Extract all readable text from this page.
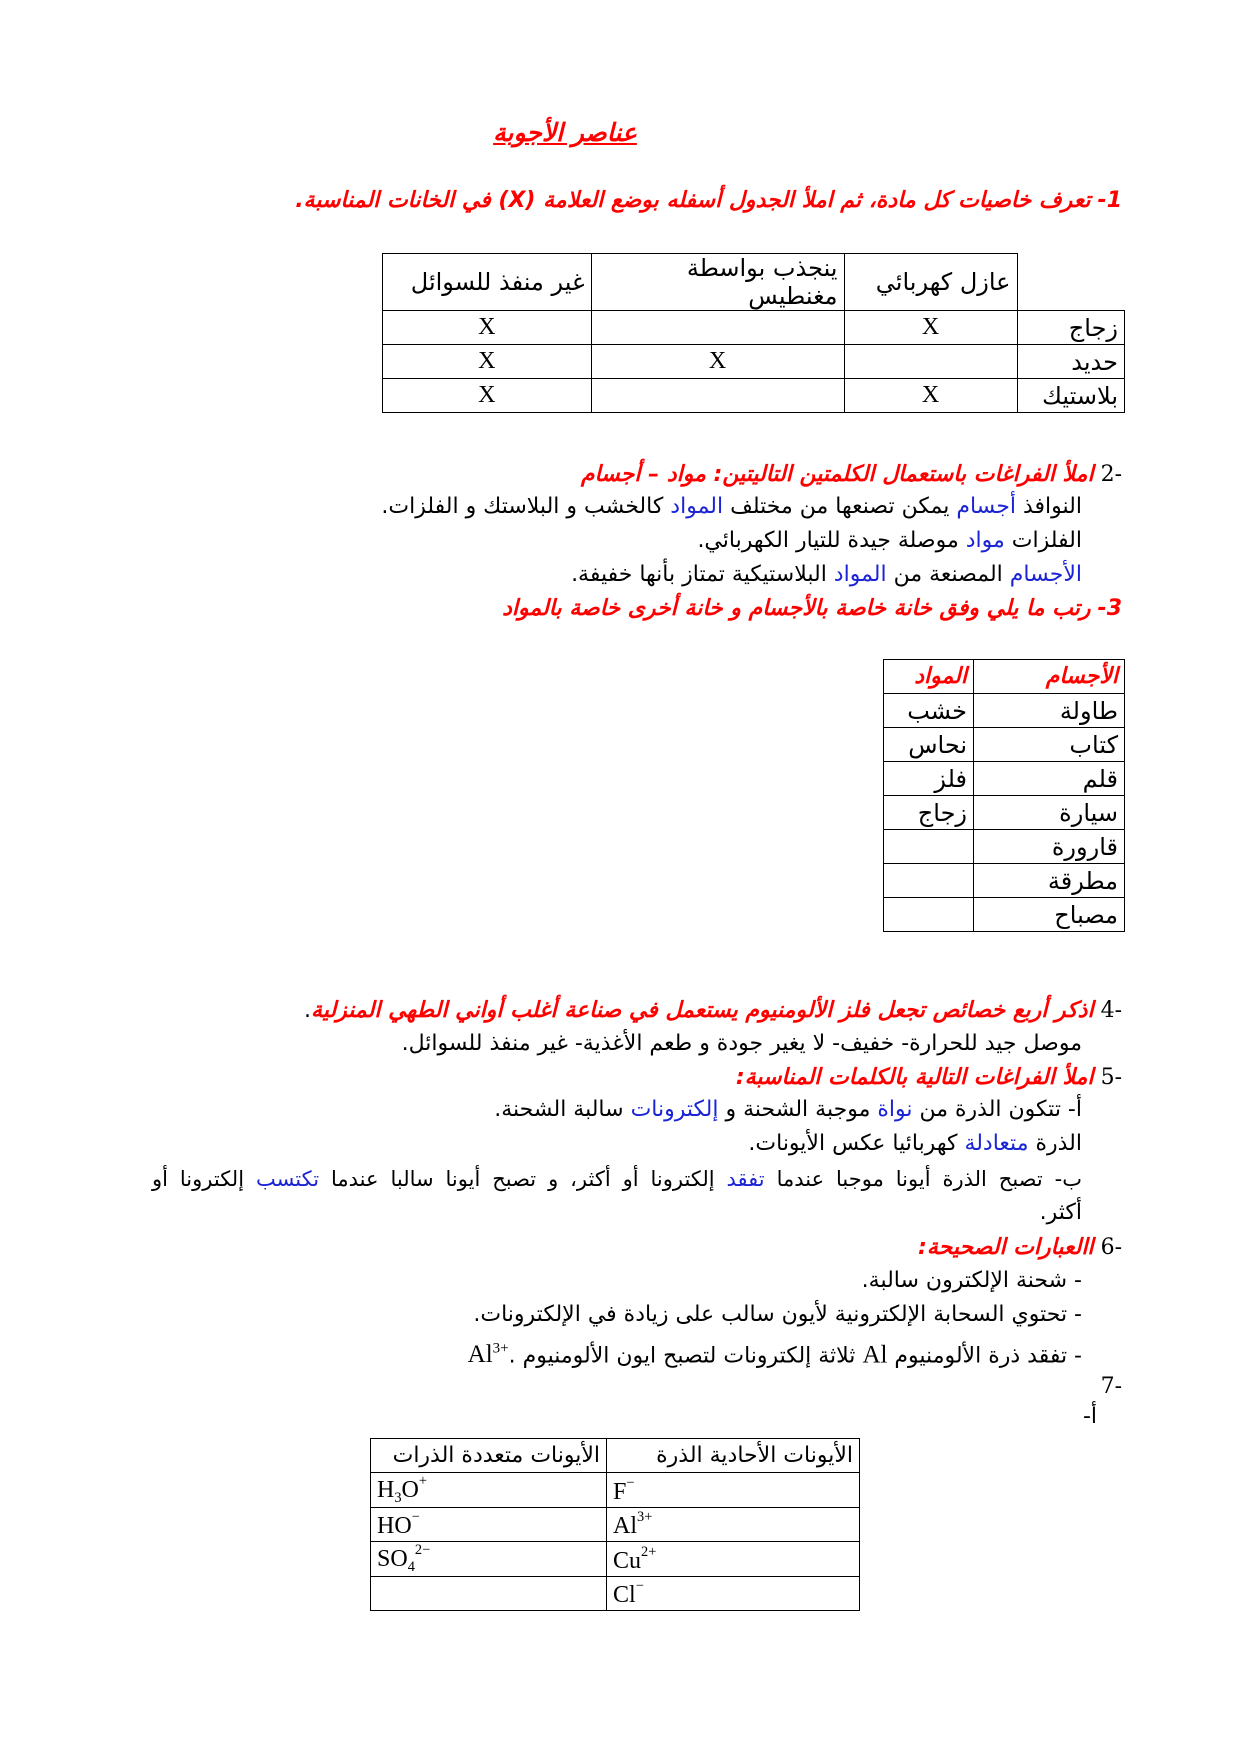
عناصر الأجوبة
1- تعرف خاصيات كل مادة، ثم املأ الجدول أسفله بوضع العلامة (X) في الخانات المناسبة.
	عازل كهربائي	ينجذب بواسطة مغنطيس	غير منفذ للسوائل
زجاج	X		X
حديد		X	X
بلاستيك	X		X
-2 املأ الفراغات باستعمال الكلمتين التاليتين: مواد – أجسام
النوافذ أجسام يمكن تصنعها من مختلف المواد كالخشب و البلاستك و الفلزات.
الفلزات مواد موصلة جيدة للتيار الكهربائي.
الأجسام المصنعة من المواد البلاستيكية تمتاز بأنها خفيفة.
3- رتب ما يلي وفق خانة خاصة بالأجسام و خانة أخرى خاصة بالمواد
الأجسام	المواد
طاولة	خشب
كتاب	نحاس
قلم	فلز
سيارة	زجاج
قارورة	
مطرقة	
مصباح	
-4 اذكر أربع خصائص تجعل فلز الألومنيوم يستعمل في صناعة أغلب أواني الطهي المنزلية.
موصل جيد للحرارة- خفيف- لا يغير جودة و طعم الأغذية- غير منفذ للسوائل.
-5 املأ الفراغات التالية بالكلمات المناسبة:
أ- تتكون الذرة من نواة موجبة الشحنة و إلكترونات سالبة الشحنة.
الذرة متعادلة كهربائيا عكس الأيونات.
ب- تصبح الذرة أيونا موجبا عندما تفقد إلكترونا أو أكثر، و تصبح أيونا سالبا عندما تكتسب إلكترونا أو
أكثر.
-6 االعبارات الصحيحة:
- شحنة الإلكترون سالبة.
- تحتوي السحابة الإلكترونية لأيون سالب على زيادة في الإلكترونات.
- تفقد ذرة الألومنيوم Al ثلاثة إلكترونات لتصبح ايون الألومنيوم $.Al^{3+}$
-7
أ-
الأيونات الأحادية الذرة	الأيونات متعددة الذرات
F−	$H_3O^+$
$Al^{3+}$	HO−
$Cu^{2+}$	$SO_4^{2-}$
Cl−	
